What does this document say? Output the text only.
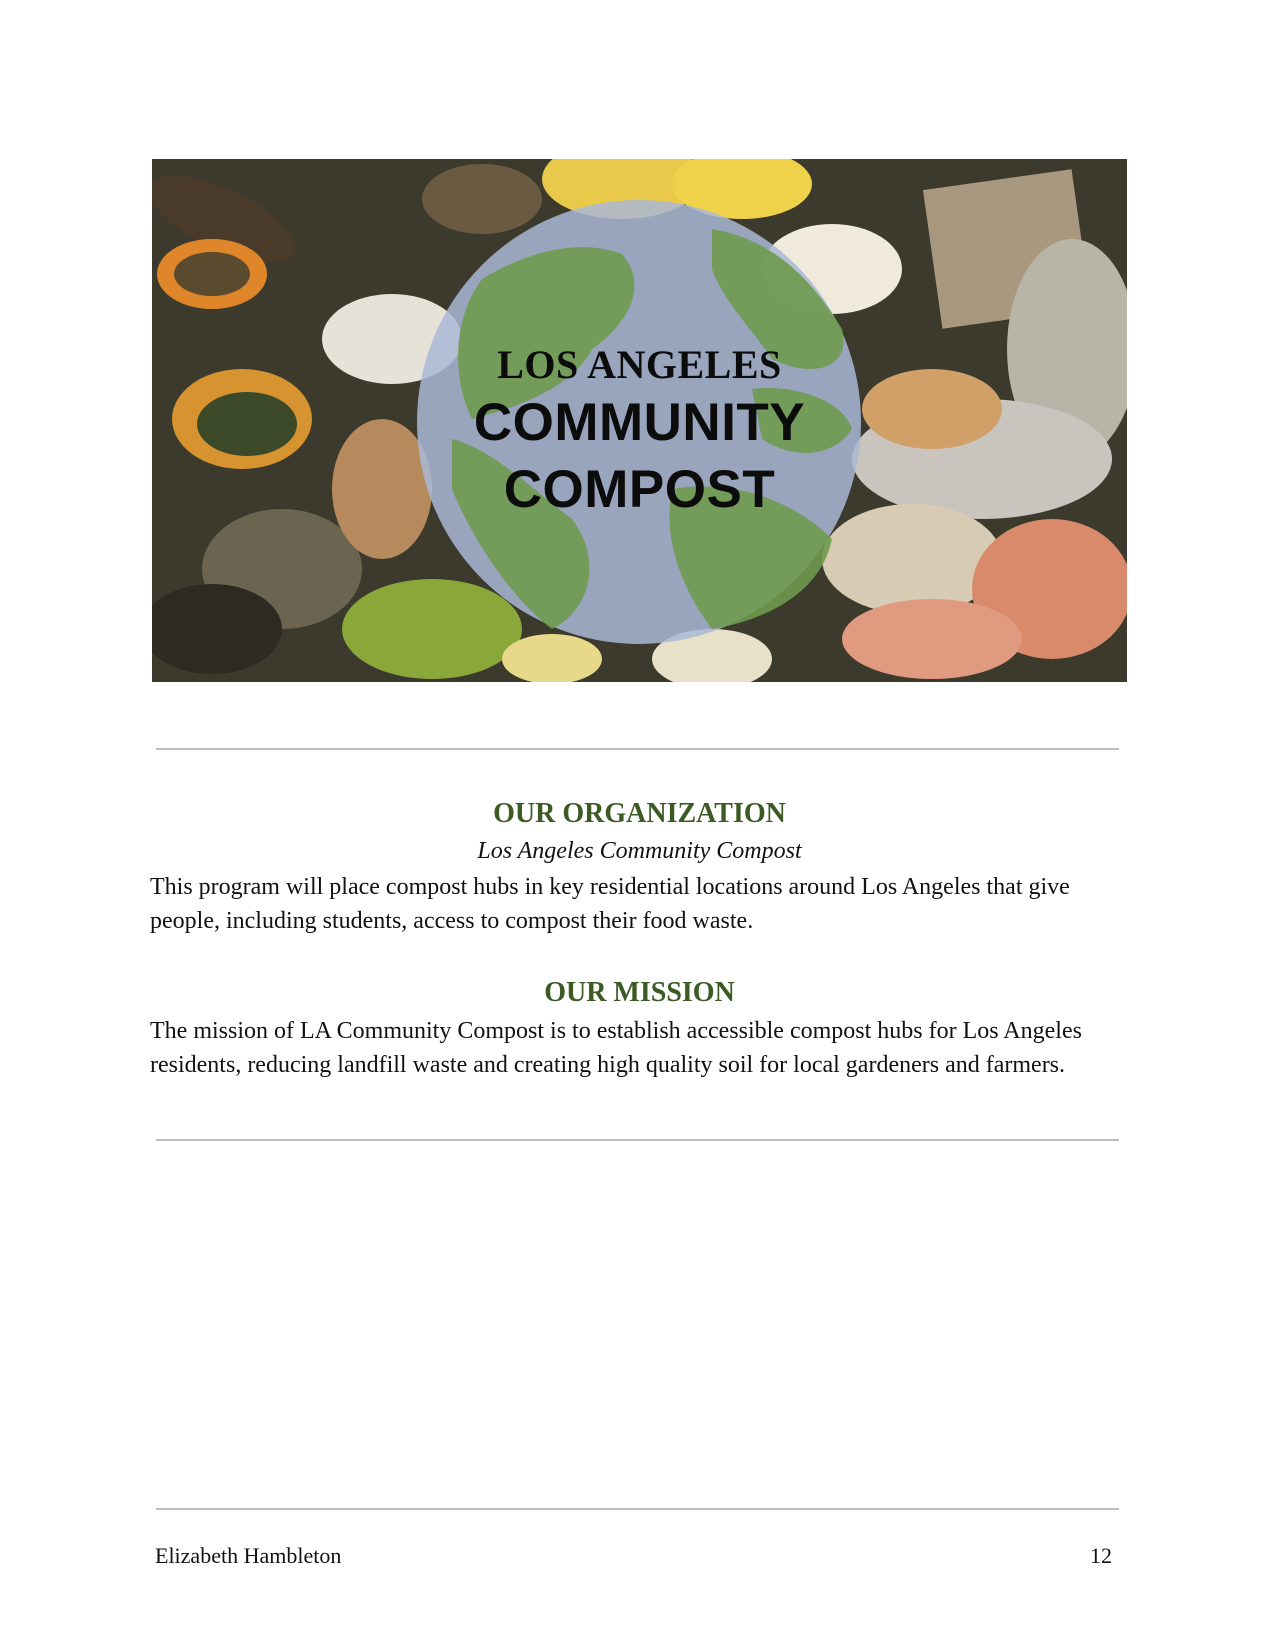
LOS ANGELES
COMMUNITY
COMPOST
OUR ORGANIZATION
Los Angeles Community Compost
This program will place compost hubs in key residential locations around Los Angeles that give people, including students, access to compost their food waste.
OUR MISSION
The mission of LA Community Compost is to establish accessible compost hubs for Los Angeles residents, reducing landfill waste and creating high quality soil for local gardeners and farmers.
Elizabeth Hambleton	12
